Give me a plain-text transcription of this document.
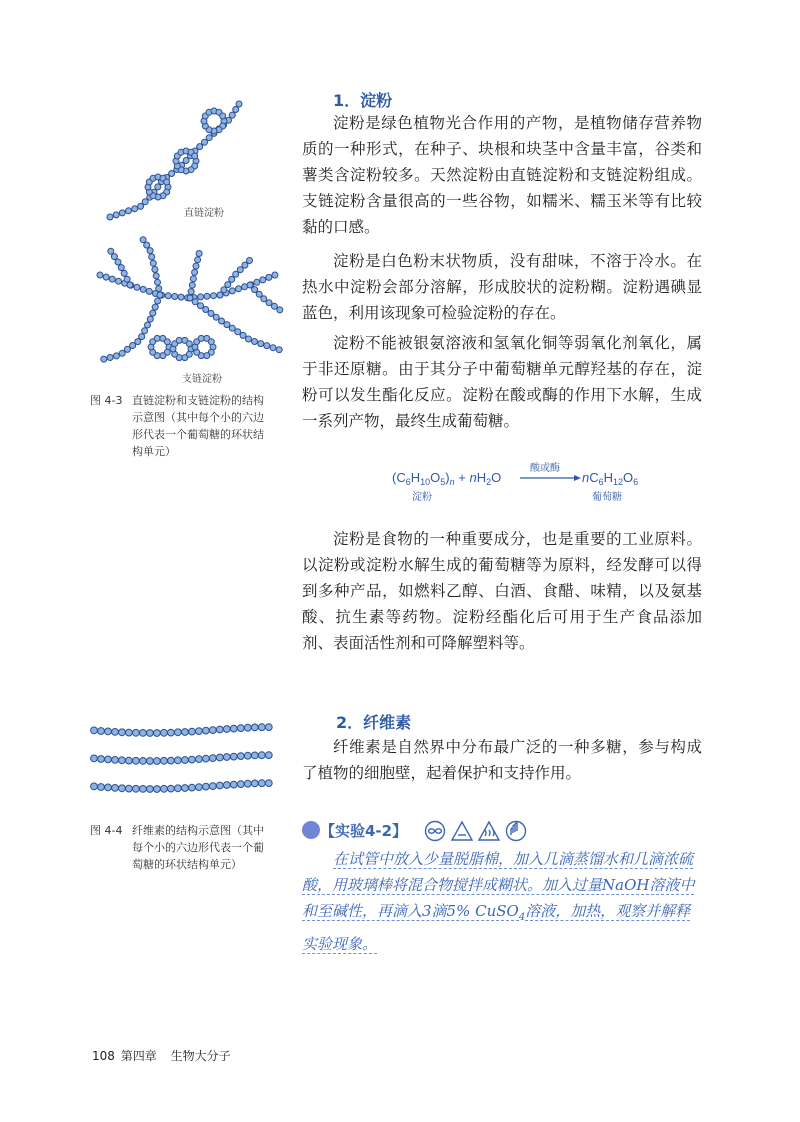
1．淀粉

淀粉是绿色植物光合作用的产物，是植物储存营养物质的一种形式，在种子、块根和块茎中含量丰富，谷类和薯类含淀粉较多。天然淀粉由直链淀粉和支链淀粉组成。支链淀粉含量很高的一些谷物，如糯米、糯玉米等有比较黏的口感。

淀粉是白色粉末状物质，没有甜味，不溶于冷水。在热水中淀粉会部分溶解，形成胶状的淀粉糊。淀粉遇碘显蓝色，利用该现象可检验淀粉的存在。

淀粉不能被银氨溶液和氢氧化铜等弱氧化剂氧化，属于非还原糖。由于其分子中葡萄糖单元醇羟基的存在，淀粉可以发生酯化反应。淀粉在酸或酶的作用下水解，生成一系列产物，最终生成葡萄糖。

$(C_6H_{10}O_5)_n + nH_2O$	$nC_6H_{12}O_6$
酸或酶
淀粉	葡萄糖

淀粉是食物的一种重要成分，也是重要的工业原料。以淀粉或淀粉水解生成的葡萄糖等为原料，经发酵可以得到多种产品，如燃料乙醇、白酒、食醋、味精，以及氨基酸、抗生素等药物。淀粉经酯化后可用于生产食品添加剂、表面活性剂和可降解塑料等。

直链淀粉
支链淀粉
图 4-3 直链淀粉和支链淀粉的结构示意图（其中每个小的六边形代表一个葡萄糖的环状结构单元）
2．纤维素

纤维素是自然界中分布最广泛的一种多糖，参与构成了植物的细胞壁，起着保护和支持作用。

图 4-4 纤维素的结构示意图（其中每个小的六边形代表一个葡萄糖的环状结构单元）
【实验4-2】

在试管中放入少量脱脂棉，加入几滴蒸馏水和几滴浓硫酸，用玻璃棒将混合物搅拌成糊状。加入过量NaOH溶液中和至碱性，再滴入3滴5% CuSO$_4$溶液，加热，观察并解释实验现象。

108 第四章 生物大分子
